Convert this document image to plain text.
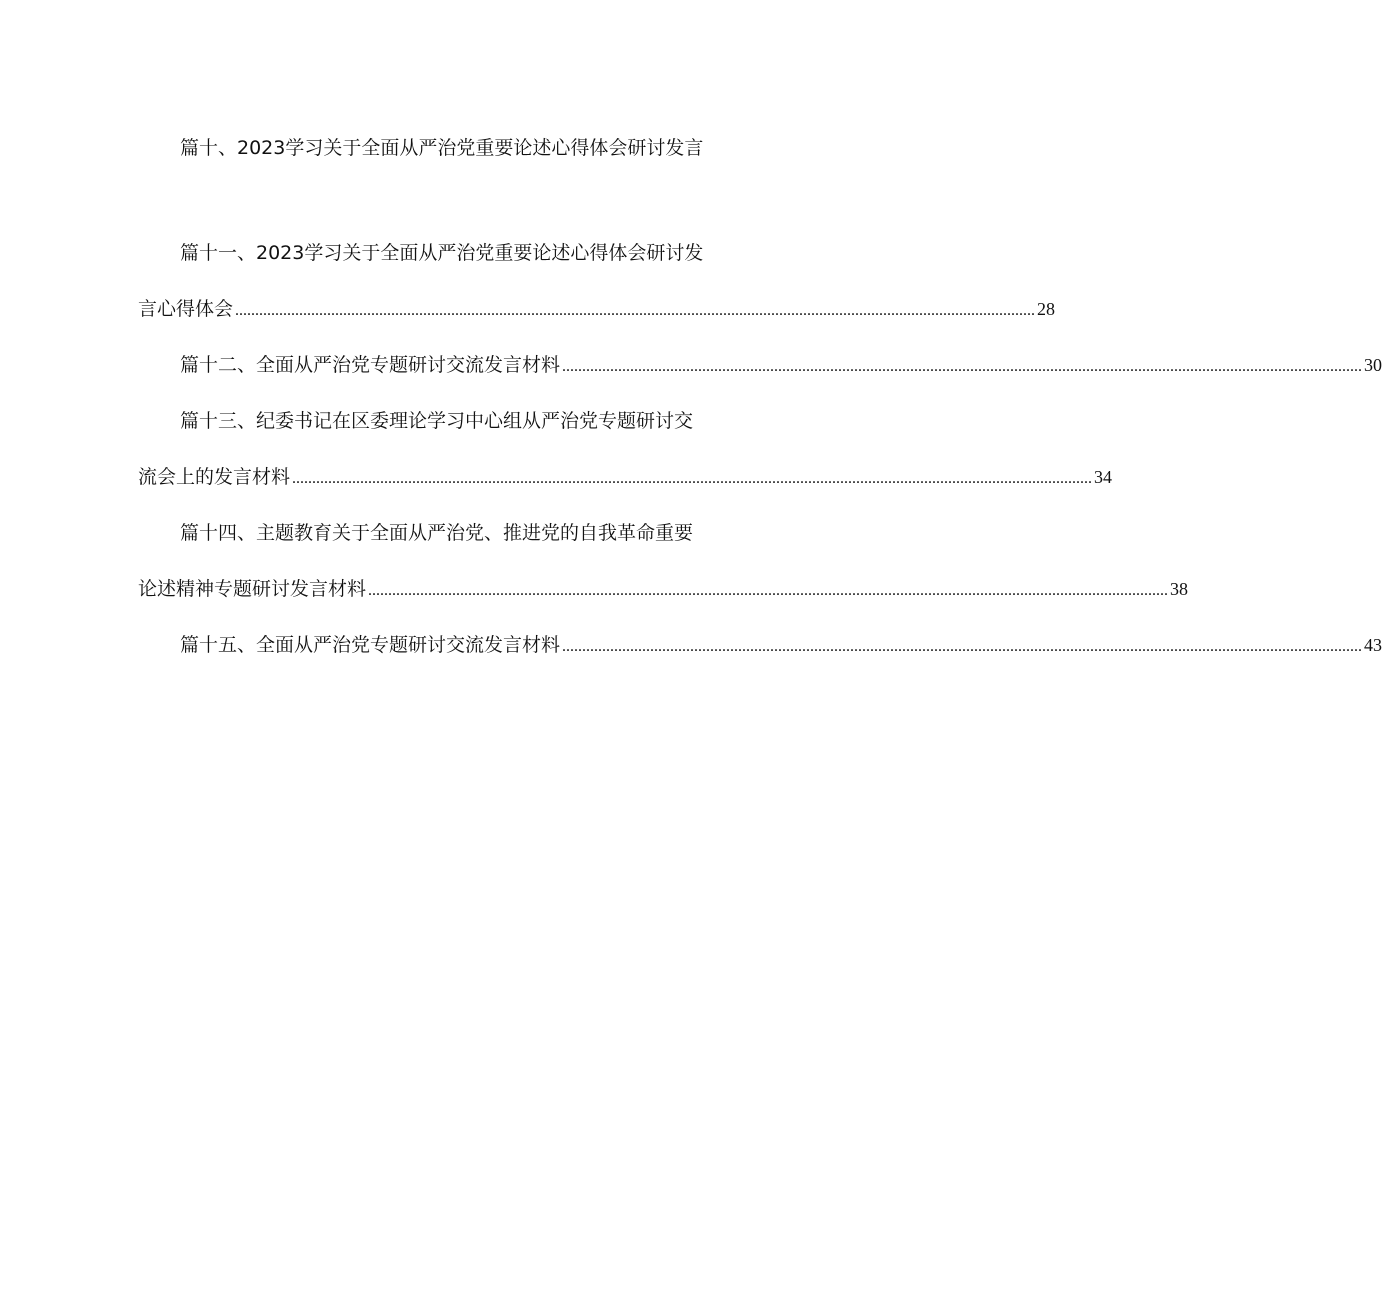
篇十、2023学习关于全面从严治党重要论述心得体会研讨发言
篇十一、2023学习关于全面从严治党重要论述心得体会研讨发
言心得体会 ........................................................................................................................................................................................................ 28
篇十二、全面从严治党专题研讨交流发言材料 ........................................................................................................................................................................................................ 30
篇十三、纪委书记在区委理论学习中心组从严治党专题研讨交
流会上的发言材料 ........................................................................................................................................................................................................ 34
篇十四、主题教育关于全面从严治党、推进党的自我革命重要
论述精神专题研讨发言材料 ........................................................................................................................................................................................................ 38
篇十五、全面从严治党专题研讨交流发言材料 ........................................................................................................................................................................................................ 43
